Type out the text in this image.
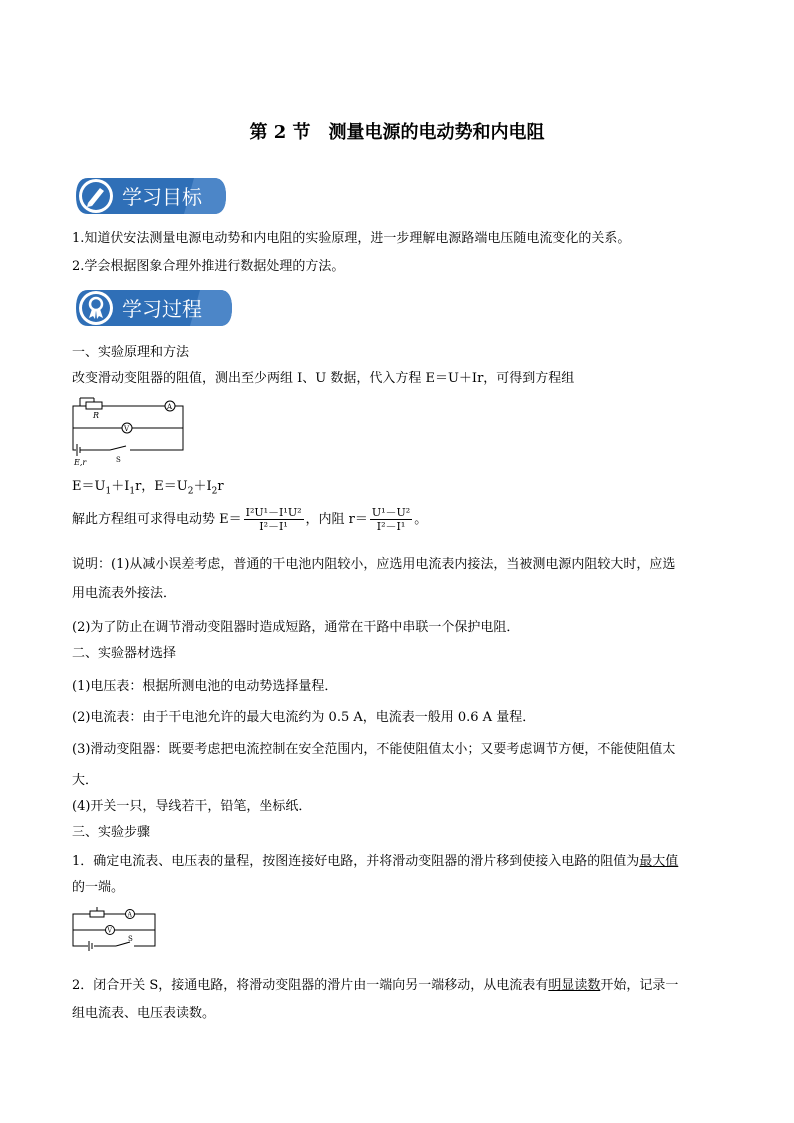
第 2 节　测量电源的电动势和内电阻
学习目标
1.知道伏安法测量电源电动势和内电阻的实验原理，进一步理解电源路端电压随电流变化的关系。
2.学会根据图象合理外推进行数据处理的方法。
学习过程
一、实验原理和方法
改变滑动变阻器的阻值，测出至少两组 I、U 数据，代入方程 E＝U＋Ir，可得到方程组
R
A
V
E,r	S
$E=U_1+I_1r$，$E=U_2+I_2r$
解此方程组可求得电动势 $E= \frac{\text{I²U¹－I¹U²}}{\text{I²－I¹}}$ ，内阻 $r= \frac{\text{U¹－U²}}{\text{I²－I¹}}$ 。
说明：(1)从减小误差考虑，普通的干电池内阻较小，应选用电流表内接法，当被测电源内阻较大时，应选
用电流表外接法．
(2)为了防止在调节滑动变阻器时造成短路，通常在干路中串联一个保护电阻．
二、实验器材选择
(1)电压表：根据所测电池的电动势选择量程．
(2)电流表：由于干电池允许的最大电流约为 0.5 A，电流表一般用 0.6 A 量程．
(3)滑动变阻器：既要考虑把电流控制在安全范围内，不能使阻值太小；又要考虑调节方便，不能使阻值太
大．
(4)开关一只，导线若干，铅笔，坐标纸．
三、实验步骤
1．确定电流表、电压表的量程，按图连接好电路，并将滑动变阻器的滑片移到使接入电路的阻值为最大值
的一端。
A
V
S
2．闭合开关 S，接通电路，将滑动变阻器的滑片由一端向另一端移动，从电流表有明显读数开始，记录一
组电流表、电压表读数。
